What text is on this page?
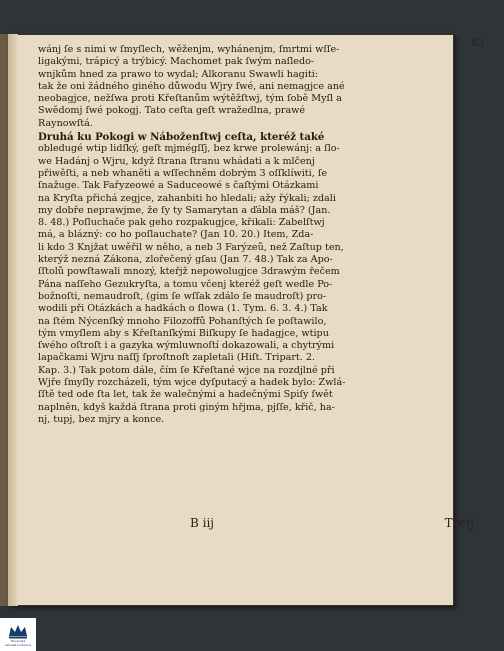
83
wánj ſe s nimi w ſmyſlech, wěženjm, wyhánenjm, ſmrtmi wſſe-
ligakými, trápicý a trýbicý. Machomet pak ſwým naſledo-
wnjkům hned za prawo to wydal; Alkoranu Swawli hagiti:
tak že oni žádného giného důwodu Wjry ſwé, ani nemagjce ané
neobagjce, nežſwa proti Křeſtanům wýtěžſtwj, tým ſobě Myſl a
Swědomj ſwé pokogj. Tato ceſta geſt wražedlna, prawé
Raynowſtá.
Druhá ku Pokogi w Náboženſtwj ceſta, kteréž také
obledugé wtip lidſký, geſt mjmégſſj, bez krwe prolewánj: a ſlo-
we Hadánj o Wjru, když ſtrana ſtranu whádati a k mlčenj
přiwěſti, a neb whaněti a wſſechněm dobrým 3 oſſklíwiti, ſe
ſnažuge. Tak Fařyzeowé a Saduceowé s čaſtými Otázkami
na Kryſta přichá zegjce, zahanbiti ho hledali; ažy řýkali; zdali
my dobře neprawjme, že ſy ty Samarytan a ďábla máš? (Jan.
8. 48.) Poſluchače pak geho rozpakugjce, křikali: Zabelſtwj
má, a blázný: co ho poſlauchate? (Jan 10. 20.) Item, Zda-
li kdo 3 Knjžat uwěřil w něho, a neb 3 Farýzeů, než Zaſtup ten,
kterýž nezná Zákona, zlořečený gſau (Jan 7. 48.) Tak za Apo-
ſſtolů powſtawali mnozý, kteřjž nepowolugjce 3drawým řečem
Pána naſſeho Gezukryſta, a tomu včenj kteréž geſt wedle Po-
božnoſti, nemaudroſt, (gim ſe wſſak zdálo ſe maudroſt) pro-
wodili při Otázkách a hadkách o ſlowa (1. Tym. 6. 3. 4.) Tak
na ſtém Nýcenſký mnoho Filozoffů Pohanſtých ſe poſtawilo,
tým vmyſlem aby s Křeſtanſkými Biſkupy ſe hadagjce, wtipu
ſwého oſtroſt i a gazyka wýmluwnoſtí dokazowali, a chytrými
lapačkami Wjru naſſj ſproſtnoſt zapletali (Hiſt. Tripart. 2.
Kap. 3.) Tak potom dále, čím ſe Křeſtané wjce na rozdjlné při
Wjře ſmyſly rozcházeli, tým wjce dyſputacý a hadek bylo: Zwlá-
ſſtě ted ode ſta let, tak že walečnými a hadečnými Spiſy ſwět
naplněn, kdyš každá ſtrana proti giným hřjma, pjſſe, křič, ha-
nj, tupj, bez mjry a konce.
B iij	Třetj
Moravská
zemská knihovna
